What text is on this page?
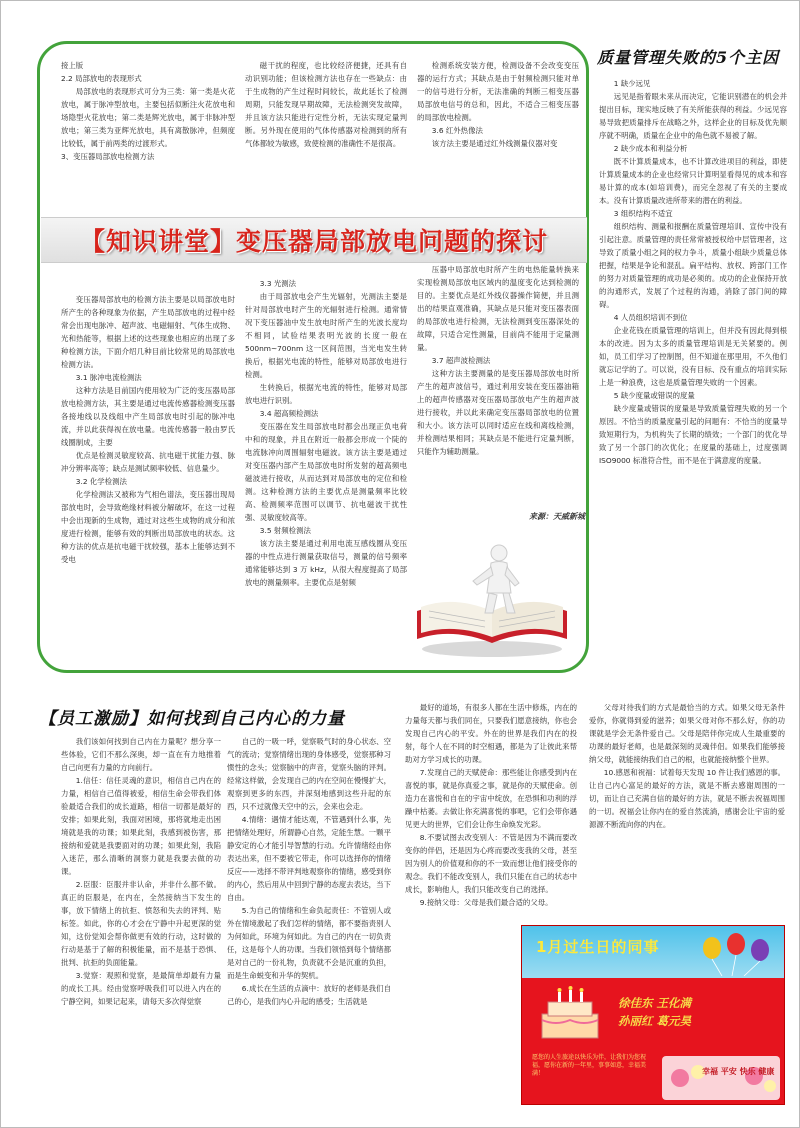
接上版

2.2 局部放电的表现形式

局部放电的表现形式可分为三类：第一类是火花放电，属于脉冲型放电，主要包括似断注火花放电和场隐型火花放电；第二类是辉光放电，属于非脉冲型放电；第三类为亚辉光放电，具有离散脉冲，但频度比较低，属于前两类的过渡形式。

3、变压器局部放电检测方法

磁干扰的程度，也比较经济便捷，还具有自动识别功能；但该检测方法也存在一些缺点：由于生成物的产生过程时间较长，故此延长了检测周期，只能发现早期故障，无法检测突发故障，并且该方法只能进行定性分析，无法实现定量判断。另外现在使用的气体传感器对检测到的所有气体都较为敏感，致使检测的准确性不是很高。

检测系统安装方便，检测设备不会改变变压器的运行方式；其缺点是由于射频检测只能对单一的信号进行分析，无法准确的判断三相变压器局部放电信号的总和，因此，不适合三相变压器的局部放电检测。

3.6 红外热像法

该方法主要是通过红外线测量仪器对变

【知识讲堂】变压器局部放电问题的探讨

变压器局部放电的检测方法主要是以局部放电时所产生的各种现象为依据，产生局部放电的过程中经常会出现电脉冲、超声波、电磁辐射、气体生成物、光和热能等，根据上述的这些现象也相应的出现了多种检测方法，下面介绍几种目前比较常见的局部放电检测方法。

3.1 脉冲电流检测法

这种方法是目前国内使用较为广泛的变压器局部放电检测方法，其主要是通过电流传感器检测变压器各接地线以及线组中产生局部放电时引起的脉冲电流，并以此获得视在放电量。电流传感器一般由罗氏线圈制成，主要

优点是检测灵敏度较高、抗电磁干扰能力强、脉冲分辨率高等；缺点是测试频率较低、信息量少。

3.2 化学检测法

化学检测法又被称为气相色谱法，变压器出现局部放电时，会导致绝缘材料被分解破坏，在这一过程中会出现新的生成物，通过对这些生成物的成分和浓度进行检测，能够有效的判断出局部放电的状态。这种方法的优点是抗电磁干扰较强，基本上能够达到不受电

3.3 光测法

由于局部放电会产生光辐射，光测法主要是针对局部放电时产生的光辐射进行检测。通常情况下变压器油中发生放电时所产生的光波长度均不相同，试验结果表明光波的长度一般在 500nm~700nm 这一区间范围，当光电发生转换后，根据光电流的特性，能够对局部放电进行检测。

生转换后，根据光电流的特性，能够对局部放电进行识别。

3.4 超高频检测法

变压器在发生局部放电时都会出现正负电荷中和的现象，并且在附近一般都会形成一个陡的电流脉冲向周围辐射电磁波。该方法主要是通过对变压器内部产生局部放电时所发射的超高频电磁波进行接收，从而达到对局部放电的定位和检测。这种检测方法的主要优点是测量频率比较高、检测频率范围可以调节、抗电磁波干扰性强、灵敏度较高等。

3.5 射频检测法

该方法主要是通过利用电流互感线圈从变压器的中性点进行测量获取信号，测量的信号频率通常能够达到 3 万 kHz，从很大程度提高了局部放电的测量频率。主要优点是射频

压器中局部放电时所产生的电热能量转换来实现检测局部放电区域内的温度变化达到检测的目的。主要优点是红外线仪器操作简便，并且测出的结果直观准确，其缺点是只能对变压器表面的局部放电进行检测，无法检测到变压器深处的故障，只适合定性测量，目前尚不能用于定量测量。

3.7 超声波检测法

这种方法主要测量的是变压器局部放电时所产生的超声波信号，通过利用安装在变压器油箱上的超声传感器对变压器局部放电产生的超声波进行接收，并以此来确定变压器局部放电的位置和大小。该方法可以同时适应在线和离线检测，并检测结果相同；其缺点是不能进行定量判断，只能作为辅助测量。

来源：天威新城
质量管理失败的5个主因

1 缺少远见

远见是指着眼未来从而决定，它能识别潜在的机会并提出目标，现实地反映了有关所能获得的利益。少远见容易导致把质量排斥在战略之外，这样企业的目标及优先顺序就不明确，质量在企业中的角色就不易被了解。

2 缺少成本和利益分析

既不计算质量成本，也不计算改进项目的利益，即使计算质量成本的企业也经常只计算明显看得见的成本和容易计算的成本(如培训费)，而完全忽视了有关的主要成本。没有计算质量改进所带来的潜在的利益。

3 组织结构不适宜

组织结构、测量和报酬在质量管理培训、宣传中没有引起注意。质量管理的责任常常被授权给中层管理者，这导致了质量小组之间的权力争斗，质量小组缺少质量总体把握，结果是争论和混乱。扁平结构、放权、跨部门工作的努力对质量管理的成功是必须的。成功的企业保持开放的沟通形式，发展了个过程的沟通，消除了部门间的障碍。

4 人员组织培训不到位

企业花钱在质量管理的培训上，但并没有因此得到根本的改进。因为太多的质量管理培训是无关紧要的。例如，员工们学习了控制图，但不知道在那里用，不久他们就忘记学的了。可以说，没有目标、没有重点的培训实际上是一种浪费，这也是质量管理失败的一个因素。

5 缺少度量或错误的度量

缺少度量或错误的度量是导致质量管理失败的另一个原因。不恰当的质量度量引起的问题有：不恰当的度量导致短期行为，为机构失了长期的绩效；一个部门的优化导致了另一个部门的次优化；在度量的基础上，过度强调 ISO9000 标准符合性，而不是在于满意度的度量。

【员工激励】如何找到自己内心的力量

我们该如何找到自己内在力量呢？想分享一些体验，它们不那么深奥，却一直在有力地推着自己向更有力量的方向前行。

1.信任：信任灵魂的意识，相信自己内在的力量，相信自己值得被爱，相信生命会带我们体验最适合我们的成长道路，相信一切都是最好的安排；如果此刻，我面对困境，那将就地走出困境就是我的功课；如果此刻，我感到被伤害，那接纳和爱就是我要面对的功课；如果此刻，我陷入迷茫，那么清晰的洞察力就是我要去做的功课。

2.臣服：臣服并非认命，并非什么都不做。真正的臣服是，在内在，全然接纳当下发生的事，放下情绪上的抗拒、愤怒和失去的评判、贴标签。如此，你的心才会在宁静中升起更深的觉知，这份觉知会帮你做更有效的行动，这时做的行动是基于了解的积极能量，而不是基于恐惧、批判、抗拒的负面能量。

3.觉察：观照和觉察，是最简单却最有力量的成长工具。经由觉察呼吸我们可以进入内在的宁静空间，如果记起来，请每天多次得觉察

自己的一吸一呼，觉察吸气时的身心状态、空气的流动；觉察情绪出现的身体感受，觉察那种习惯性的念头；觉察脑中的声音，觉察头脑的评判。经常这样做，会发现自己的内在空间在慢慢扩大，观察到更多的东西，并深刻地感到这些升起的东西，只不过就像天空中的云，会来也会走。

4.情绪：遇情才能达观，不管遇到什么事，先把情绪处理好，所谓静心自然，定能生慧。一颗平静安定的心才能引导智慧的行动。允许情绪经由你表达出来，但不要被它带走，你可以选择你的情绪反应——选择不带评判地观察你的情绪，感受到你的内心，然后用从中回到宁静的态度去表达，当下自由。

5.为自己的情绪和生命负起责任：不管别人或外在情境激起了我们怎样的情绪，都不要指责别人为何如此，环境为何如此。为自己的内在一切负责任，这是每个人的功课。当我们领悟到每个情绪都是对自己的一份礼物，负责就不会是沉重的负担，而是生命蜕变和升华的契机。

6.成长在生活的点滴中：放好的老师是我们自己的心，是我们内心升起的感受；生活就是

最好的道场，有很多人都在生活中修炼，内在的力量每天都与我们同在，只要我们愿意接纳，你也会发现自己内心的平安。外在的世界是我们内在的投射，每个人在不同的时空相遇，都是为了让彼此来帮助对方学习成长的功课。

7.发现自己的天赋使命：那些能让你感受到内在喜悦的事，就是你真爱之事，就是你的天赋使命。创造力在喜悦和自在的宇宙中绽放，在恐惧和功利的浮躁中枯萎。去做让你充满喜悦的事吧，它们会带你遇见更大的世界，它们会让你生命焕发光彩。

8.不要试图去改变别人：不管是因为不满而要改变你的伴侣，还是因为心疼而要改变我的父母，甚至因为别人的价值观和你的不一致而想让他们接受你的观念。我们不能改变别人，我们只能在自己的状态中成长，影响他人，我们只能改变自己的选择。

9.接纳父母：父母是我们最合适的父母。

父母对待我们的方式是最恰当的方式。如果父母无条件爱你，你就得到爱的滋养；如果父母对你不那么好，你的功课就是学会无条件爱自己。父母是陪伴你完成人生最重要的功课的最好老师，也是最深刻的灵魂伴侣。如果我们能够接纳父母，就能接纳我们自己的根，也就能接纳整个世界。

10.感恩和祝福：试着每天发现 10 件让我们感恩的事。让自己内心富足的最好的方法，就是不断去感谢周围的一切，而让自己充满自信的最好的方法，就是不断去祝福周围的一切。祝福会让你内在的爱自然流淌，感谢会让宇宙的爱源源不断流向你的内在。

1月过生日的同事
徐佳东 王化满
孙丽红 葛元昊
愿您的人生旅途以快乐为伴，让我们为您祝福，愿你在新的一年里，事事如意，幸福美满！	幸福 平安 快乐 健康
